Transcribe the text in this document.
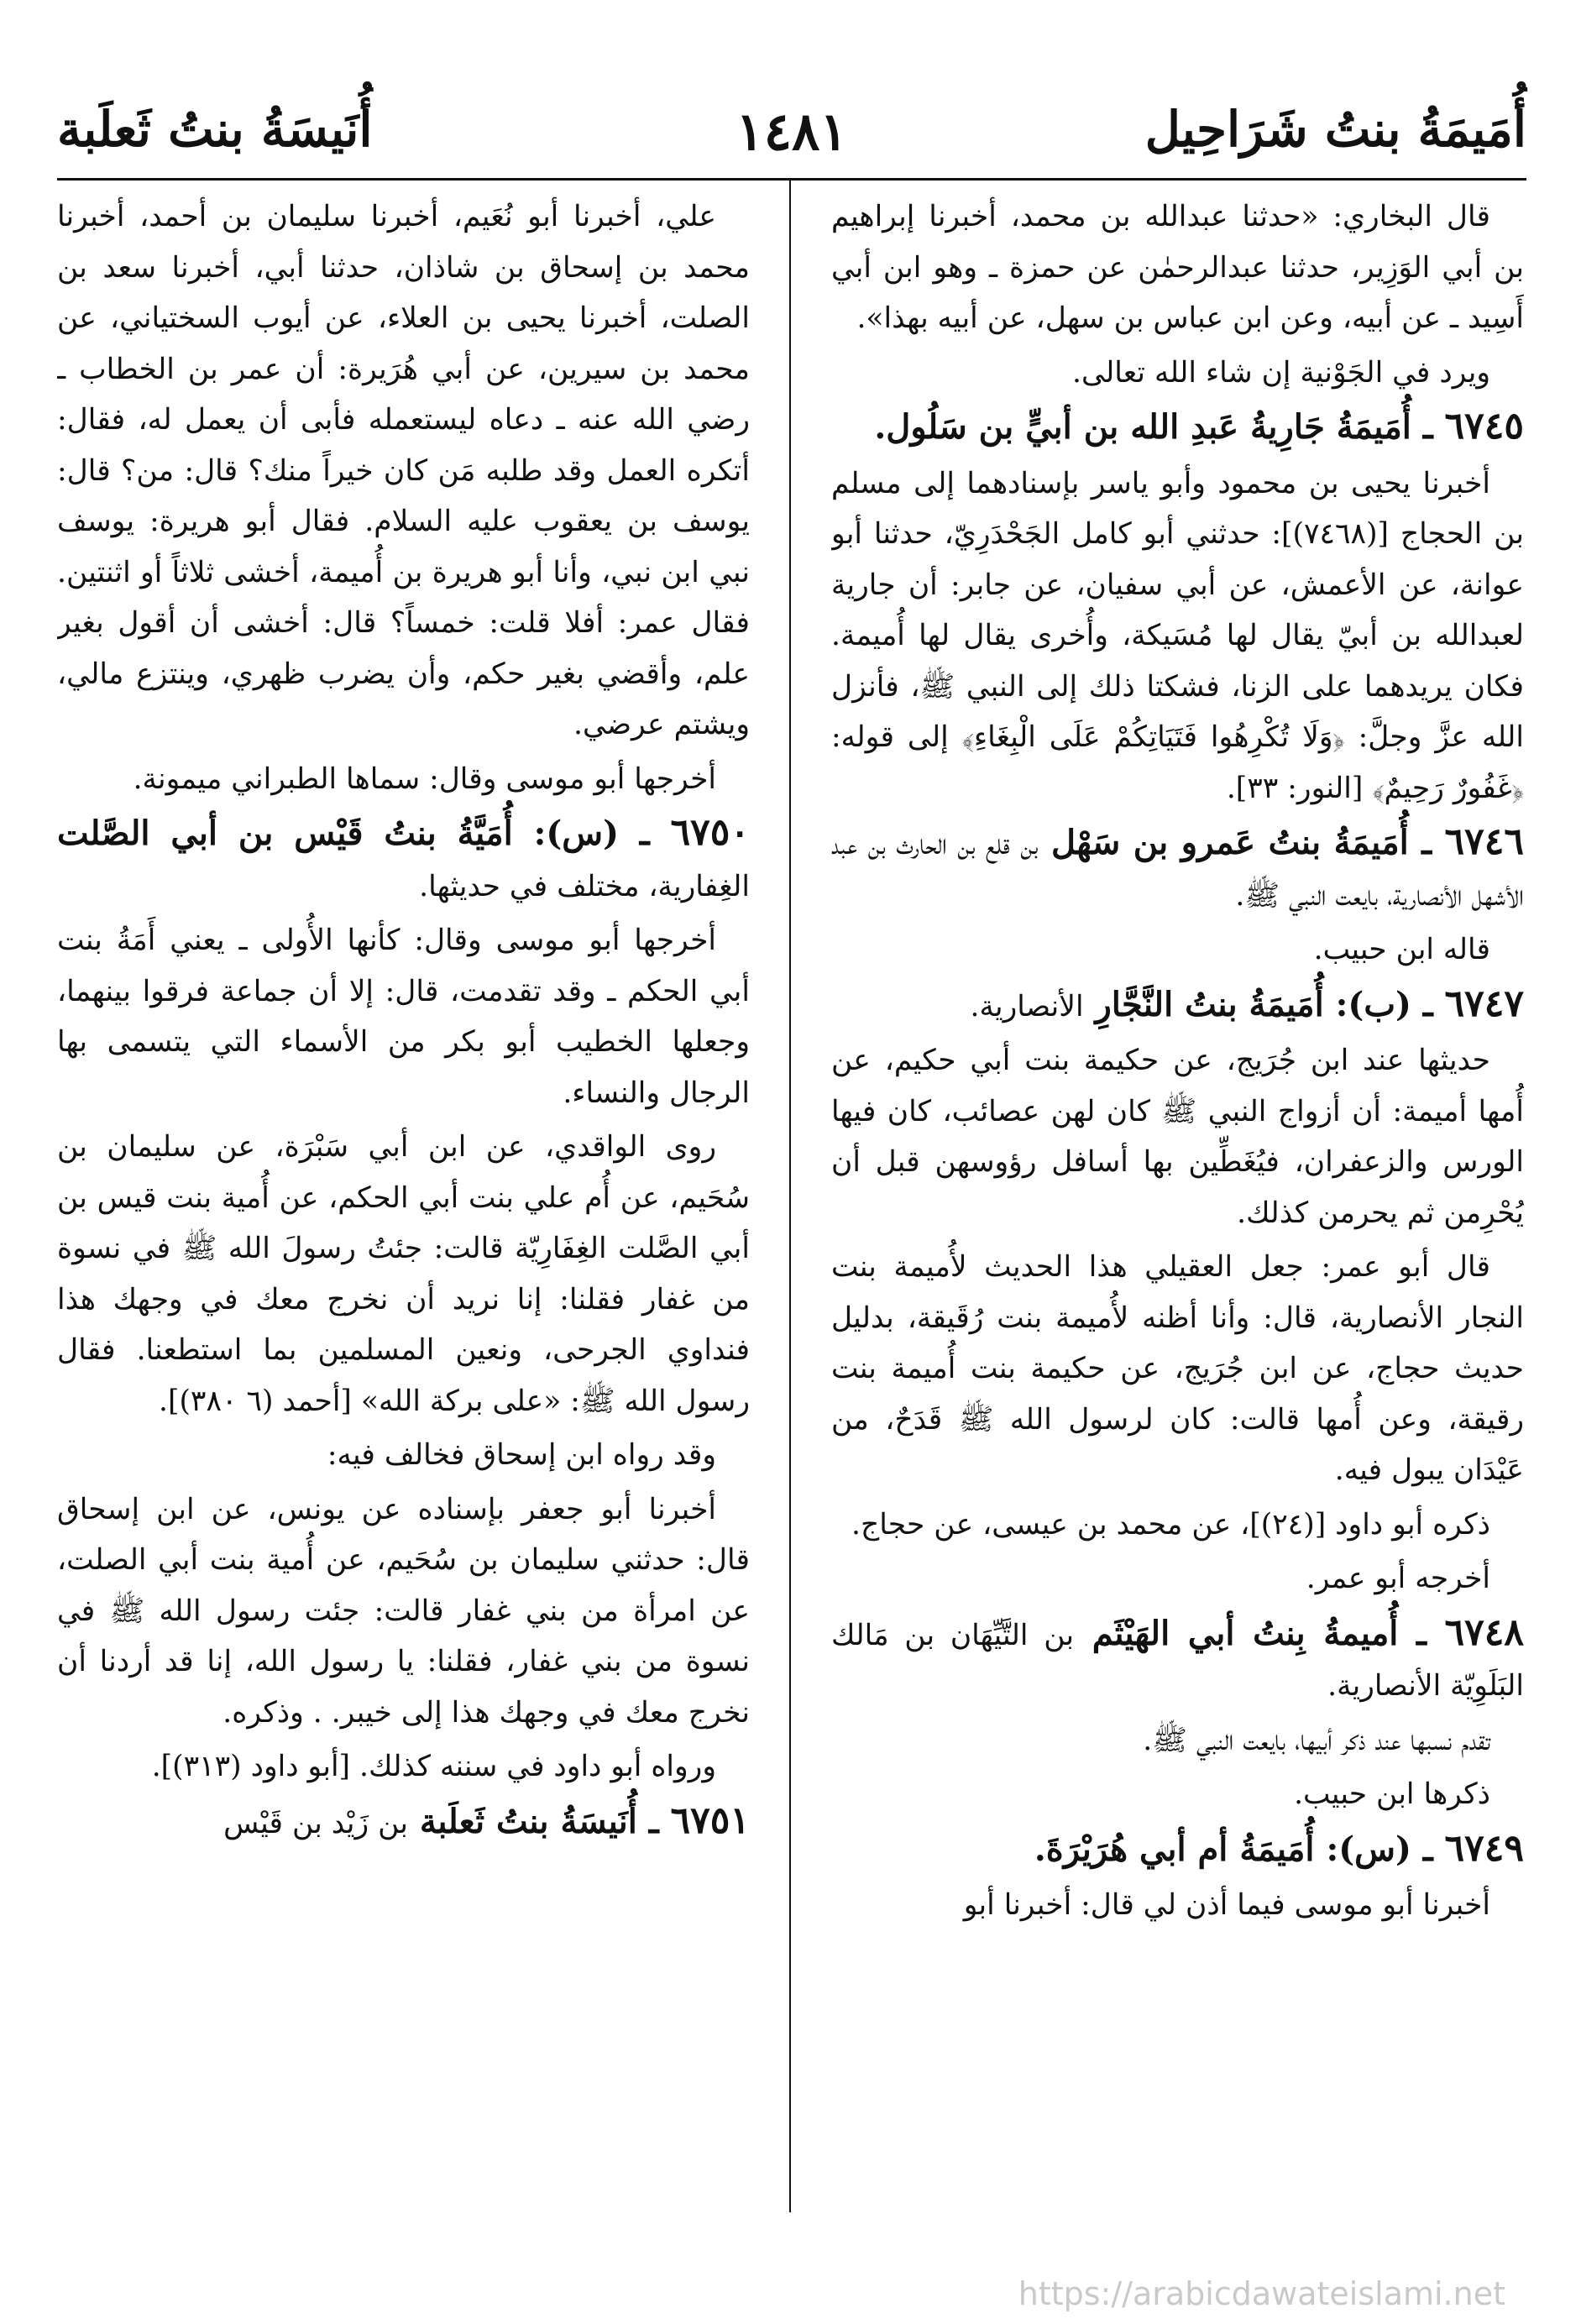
أُمَيمَةُ بنتُ شَرَاحِيل
١٤٨١
أُنَيسَةُ بنتُ ثَعلَبة

قال البخاري: «حدثنا عبدالله بن محمد، أخبرنا إبراهيم بن أبي الوَزِير، حدثنا عبدالرحمٰن عن حمزة ـ وهو ابن أبي أَسِيد ـ عن أبيه، وعن ابن عباس بن سهل، عن أبيه بهذا».

ويرد في الجَوْنية إن شاء الله تعالى.

٦٧٤٥ ـ أُمَيمَةُ جَارِيةُ عَبدِ الله بن أبيٍّ بن سَلُول.

أخبرنا يحيى بن محمود وأبو ياسر بإسنادهما إلى مسلم بن الحجاج [(٧٤٦٨)]: حدثني أبو كامل الجَحْدَرِيّ، حدثنا أبو عوانة، عن الأعمش، عن أبي سفيان، عن جابر: أن جارية لعبدالله بن أبيّ يقال لها مُسَيكة، وأُخرى يقال لها أُميمة. فكان يريدهما على الزنا، فشكتا ذلك إلى النبي ﷺ، فأنزل الله عزَّ وجلَّ: ﴿وَلَا تُكْرِهُوا فَتَيَاتِكُمْ عَلَى الْبِغَاءِ﴾ إلى قوله: ﴿غَفُورٌ رَحِيمٌ﴾ [النور: ٣٣].

٦٧٤٦ ـ أُمَيمَةُ بنتُ عَمرو بن سَهْل بن قلع بن الحارث بن عبد الأشهل الأنصارية، بايعت النبي ﷺ.

قاله ابن حبيب.

٦٧٤٧ ـ (ب): أُمَيمَةُ بنتُ النَّجَّارِ الأنصارية.

حديثها عند ابن جُرَيج، عن حكيمة بنت أبي حكيم، عن أُمها أميمة: أن أزواج النبي ﷺ كان لهن عصائب، كان فيها الورس والزعفران، فيُغَطِّين بها أسافل رؤوسهن قبل أن يُحْرِمن ثم يحرمن كذلك.

قال أبو عمر: جعل العقيلي هذا الحديث لأُميمة بنت النجار الأنصارية، قال: وأنا أظنه لأُميمة بنت رُقَيقة، بدليل حديث حجاج، عن ابن جُرَيج، عن حكيمة بنت أُميمة بنت رقيقة، وعن أُمها قالت: كان لرسول الله ﷺ قَدَحٌ، من عَيْدَان يبول فيه.

ذكره أبو داود [(٢٤)]، عن محمد بن عيسى، عن حجاج.

أخرجه أبو عمر.

٦٧٤٨ ـ أُميمةُ بِنتُ أبي الهَيْثَم بن التَّيِّهَان بن مَالك البَلَوِيّة الأنصارية.

تقدم نسبها عند ذكر أبيها، بايعت النبي ﷺ.

ذكرها ابن حبيب.

٦٧٤٩ ـ (س): أُمَيمَةُ أم أبي هُرَيْرَةَ.

أخبرنا أبو موسى فيما أذن لي قال: أخبرنا أبو

علي، أخبرنا أبو نُعَيم، أخبرنا سليمان بن أحمد، أخبرنا محمد بن إسحاق بن شاذان، حدثنا أبي، أخبرنا سعد بن الصلت، أخبرنا يحيى بن العلاء، عن أيوب السختياني، عن محمد بن سيرين، عن أبي هُرَيرة: أن عمر بن الخطاب ـ رضي الله عنه ـ دعاه ليستعمله فأبى أن يعمل له، فقال: أتكره العمل وقد طلبه مَن كان خيراً منك؟ قال: من؟ قال: يوسف بن يعقوب عليه السلام. فقال أبو هريرة: يوسف نبي ابن نبي، وأنا أبو هريرة بن أُميمة، أخشى ثلاثاً أو اثنتين. فقال عمر: أفلا قلت: خمساً؟ قال: أخشى أن أقول بغير علم، وأقضي بغير حكم، وأن يضرب ظهري، وينتزع مالي، ويشتم عرضي.

أخرجها أبو موسى وقال: سماها الطبراني ميمونة.

٦٧٥٠ ـ (س): أُمَيَّةُ بنتُ قَيْس بن أبي الصَّلت الغِفارية، مختلف في حديثها.

أخرجها أبو موسى وقال: كأنها الأُولى ـ يعني أَمَةُ بنت أبي الحكم ـ وقد تقدمت، قال: إلا أن جماعة فرقوا بينهما، وجعلها الخطيب أبو بكر من الأسماء التي يتسمى بها الرجال والنساء.

روى الواقدي، عن ابن أبي سَبْرَة، عن سليمان بن سُحَيم، عن أُم علي بنت أبي الحكم، عن أُمية بنت قيس بن أبي الصَّلت الغِفَارِيّة قالت: جئتُ رسولَ الله ﷺ في نسوة من غفار فقلنا: إنا نريد أن نخرج معك في وجهك هذا فنداوي الجرحى، ونعين المسلمين بما استطعنا. فقال رسول الله ﷺ: «على بركة الله» [أحمد (٦ ٣٨٠)].

وقد رواه ابن إسحاق فخالف فيه:

أخبرنا أبو جعفر بإسناده عن يونس، عن ابن إسحاق قال: حدثني سليمان بن سُحَيم، عن أُمية بنت أبي الصلت، عن امرأة من بني غفار قالت: جئت رسول الله ﷺ في نسوة من بني غفار، فقلنا: يا رسول الله، إنا قد أردنا أن نخرج معك في وجهك هذا إلى خيبر. . وذكره.

ورواه أبو داود في سننه كذلك. [أبو داود (٣١٣)].

٦٧٥١ ـ أُنَيسَةُ بنتُ ثَعلَبة بن زَيْد بن قَيْس

https://arabicdawateislami.net
